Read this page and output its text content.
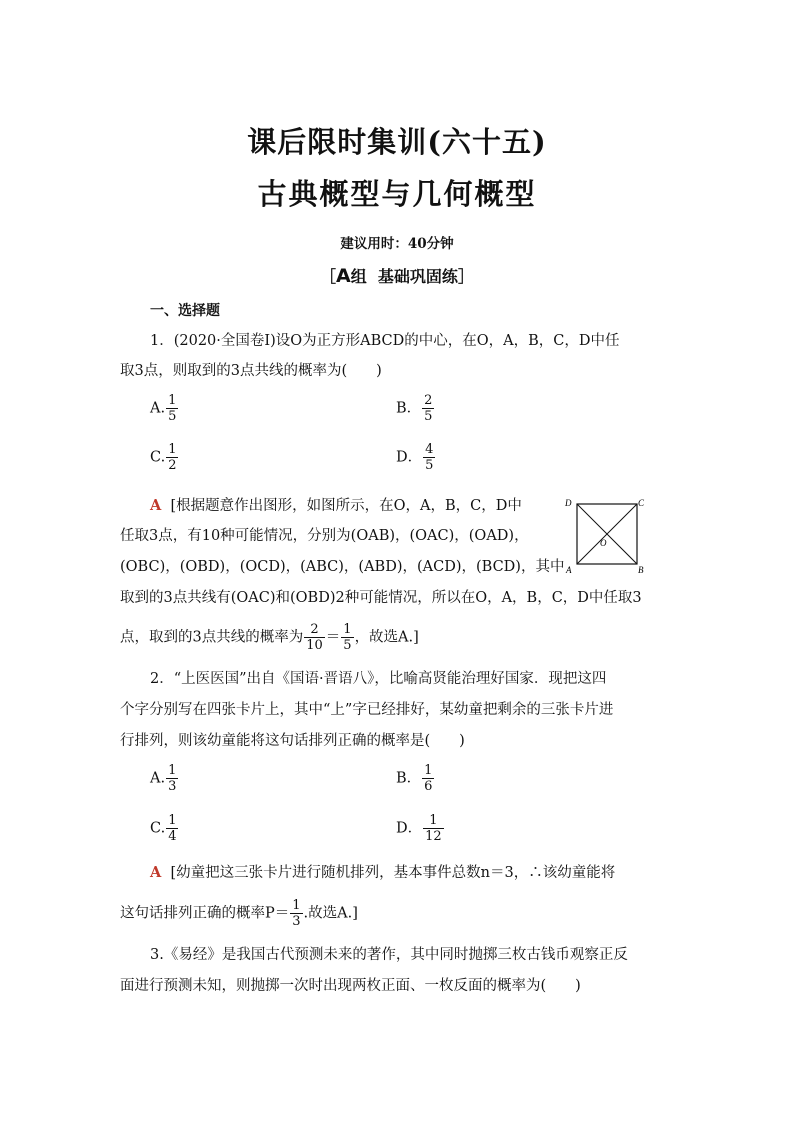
课后限时集训(六十五)
古典概型与几何概型
建议用时：40分钟
［A组 基础巩固练］
一、选择题
1．(2020·全国卷Ⅰ)设O为正方形ABCD的中心，在O，A，B，C，D中任
取3点，则取到的3点共线的概率为(　　)
A. $\frac{1}{5}$	B． $\frac{2}{5}$
C. $\frac{1}{2}$	D． $\frac{4}{5}$
A [根据题意作出图形，如图所示，在O，A，B，C，D中
任取3点，有10种可能情况，分别为(OAB)，(OAC)，(OAD)，
(OBC)，(OBD)，(OCD)，(ABC)，(ABD)，(ACD)，(BCD)，其中
取到的3点共线有(OAC)和(OBD)2种可能情况，所以在O，A，B，C，D中任取3
点，取到的3点共线的概率为 $\frac{2}{10} = \frac{1}{5}$ ，故选A.]
D	C
A	B
O
2．“上医医国”出自《国语·晋语八》，比喻高贤能治理好国家．现把这四
个字分别写在四张卡片上，其中“上”字已经排好，某幼童把剩余的三张卡片进
行排列，则该幼童能将这句话排列正确的概率是(　　)
A. $\frac{1}{3}$	B． $\frac{1}{6}$
C. $\frac{1}{4}$	D． $\frac{1}{12}$
A [幼童把这三张卡片进行随机排列，基本事件总数n＝3，∴该幼童能将
这句话排列正确的概率$P= \frac{1}{3}$ .故选A.]
3.《易经》是我国古代预测未来的著作，其中同时抛掷三枚古钱币观察正反
面进行预测未知，则抛掷一次时出现两枚正面、一枚反面的概率为(　　)
